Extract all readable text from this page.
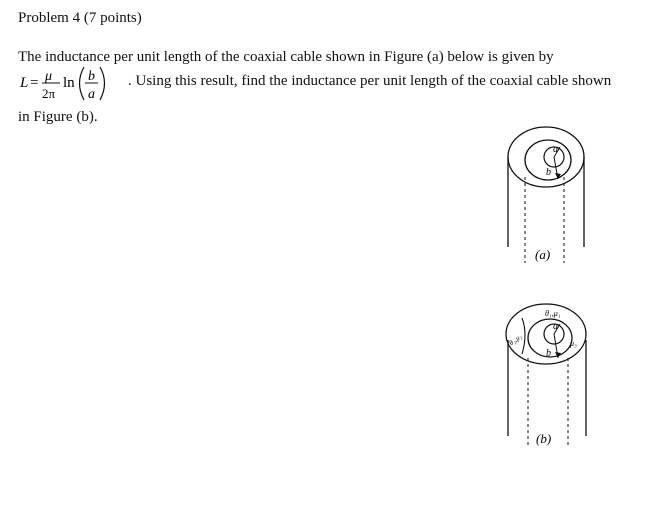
Problem 4 (7 points)
The inductance per unit length of the coaxial cable shown in Figure (a) below is given by
L = μ
2π
ln b
a
. Using this result, find the inductance per unit length of the coaxial cable shown
in Figure (b).
a
b
(a)
θ₁,μ₁
θ₂,μ₂
a
μ₃
b
(b)
